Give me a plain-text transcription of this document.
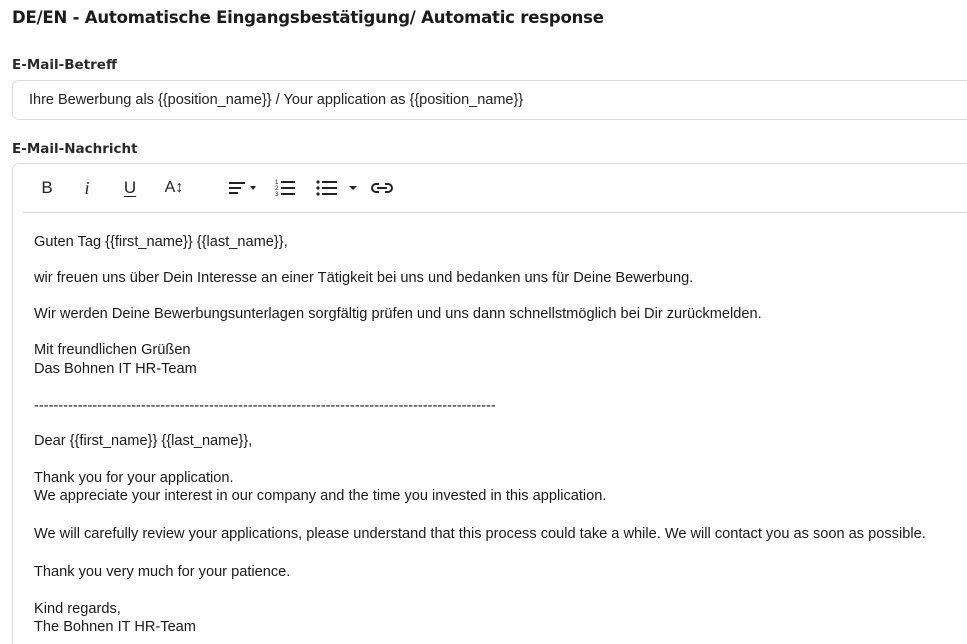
DE/EN - Automatische Eingangsbestätigung/ Automatic response
E-Mail-Betreff
Ihre Bewerbung als {{position_name}} / Your application as {{position_name}}
E-Mail-Nachricht
B i U A↕	1
2
3

Guten Tag {{first_name}} {{last_name}},

wir freuen uns über Dein Interesse an einer Tätigkeit bei uns und bedanken uns für Deine Bewerbung.

Wir werden Deine Bewerbungsunterlagen sorgfältig prüfen und uns dann schnellstmöglich bei Dir zurückmelden.

Mit freundlichen Grüßen

Das Bohnen IT HR-Team

-----------------------------------------------------------------------------------------------

Dear {{first_name}} {{last_name}},

Thank you for your application.

We appreciate your interest in our company and the time you invested in this application.

We will carefully review your applications, please understand that this process could take a while. We will contact you as soon as possible.

Thank you very much for your patience.

Kind regards,

The Bohnen IT HR-Team
